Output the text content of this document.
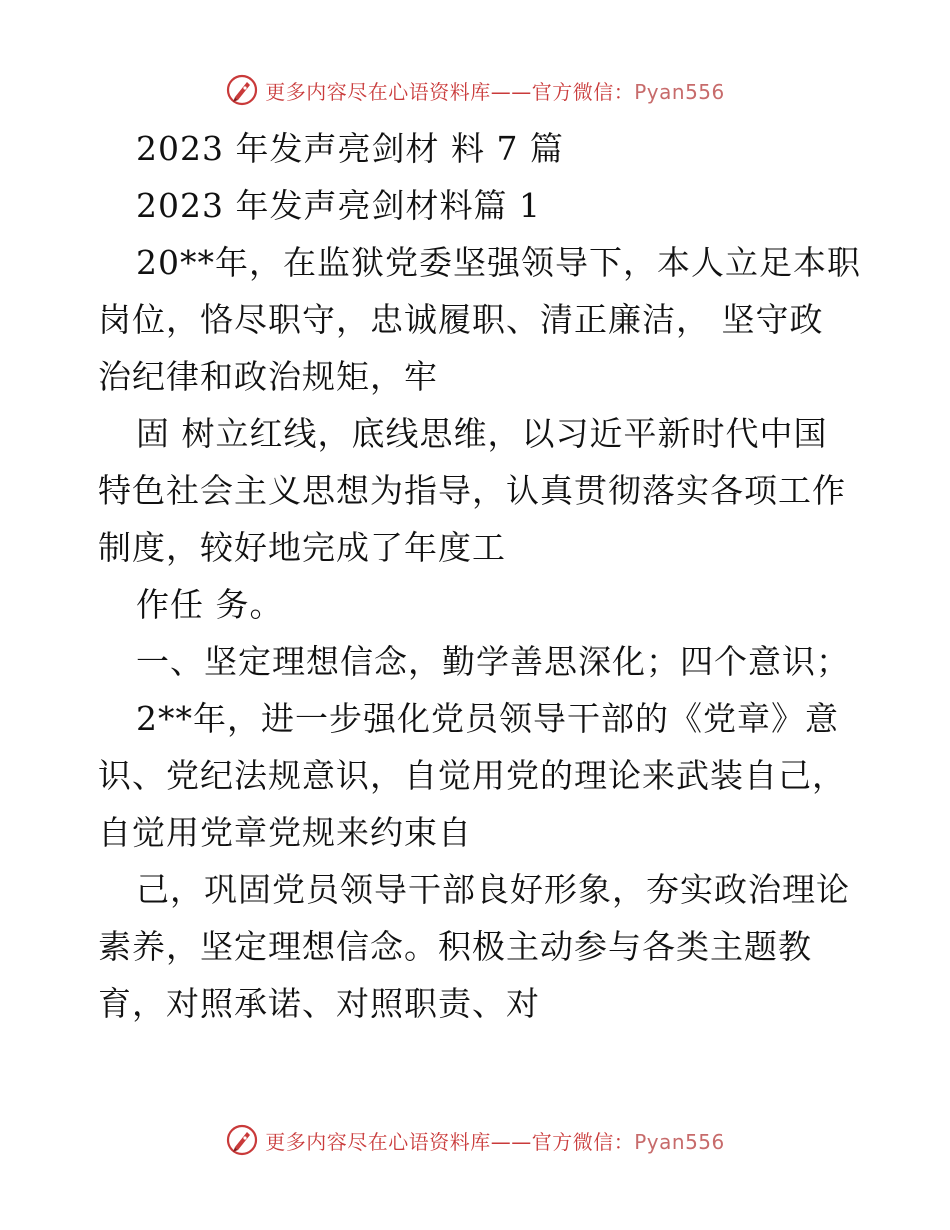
更多内容尽在心语资料库——官方微信：Pyan556
2023 年发声亮剑材 料 7 篇
2023 年发声亮剑材料篇 1
20**年，在监狱党委坚强领导下，本人立足本职
岗位，恪尽职守，忠诚履职、清正廉洁， 坚守政
治纪律和政治规矩，牢
固 树立红线，底线思维，以习近平新时代中国
特色社会主义思想为指导，认真贯彻落实各项工作
制度，较好地完成了年度工
作任 务。
一、坚定理想信念，勤学善思深化；四个意识；
2**年，进一步强化党员领导干部的《党章》意
识、党纪法规意识，自觉用党的理论来武装自己，
自觉用党章党规来约束自
己，巩固党员领导干部良好形象，夯实政治理论
素养，坚定理想信念。积极主动参与各类主题教
育，对照承诺、对照职责、对
更多内容尽在心语资料库——官方微信：Pyan556
